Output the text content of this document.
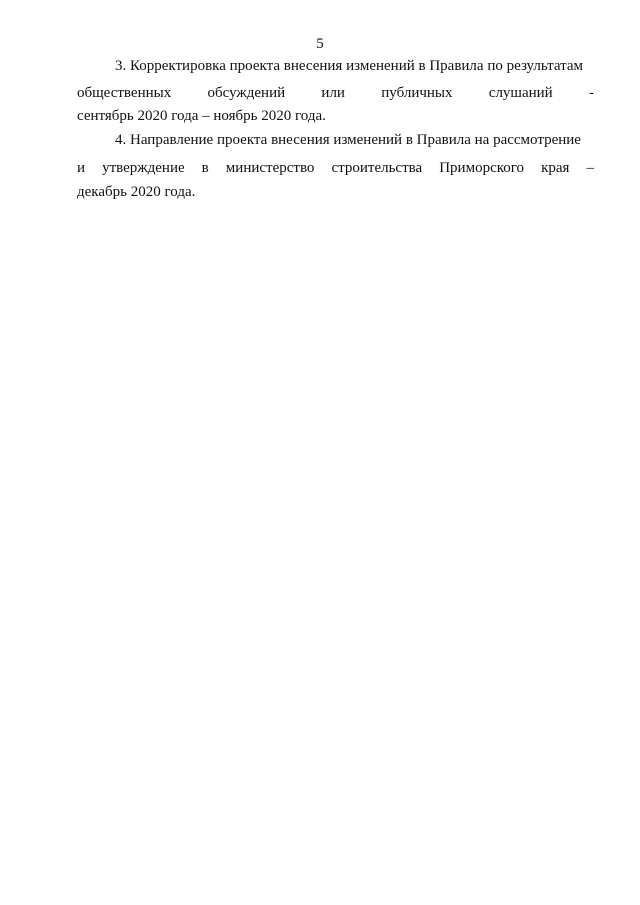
5
3. Корректировка проекта внесения изменений в Правила по результатам
общественных обсуждений или публичных слушаний -
сентябрь 2020 года – ноябрь 2020 года.
4. Направление проекта внесения изменений в Правила на рассмотрение
и утверждение в министерство строительства Приморского края –
декабрь 2020 года.
